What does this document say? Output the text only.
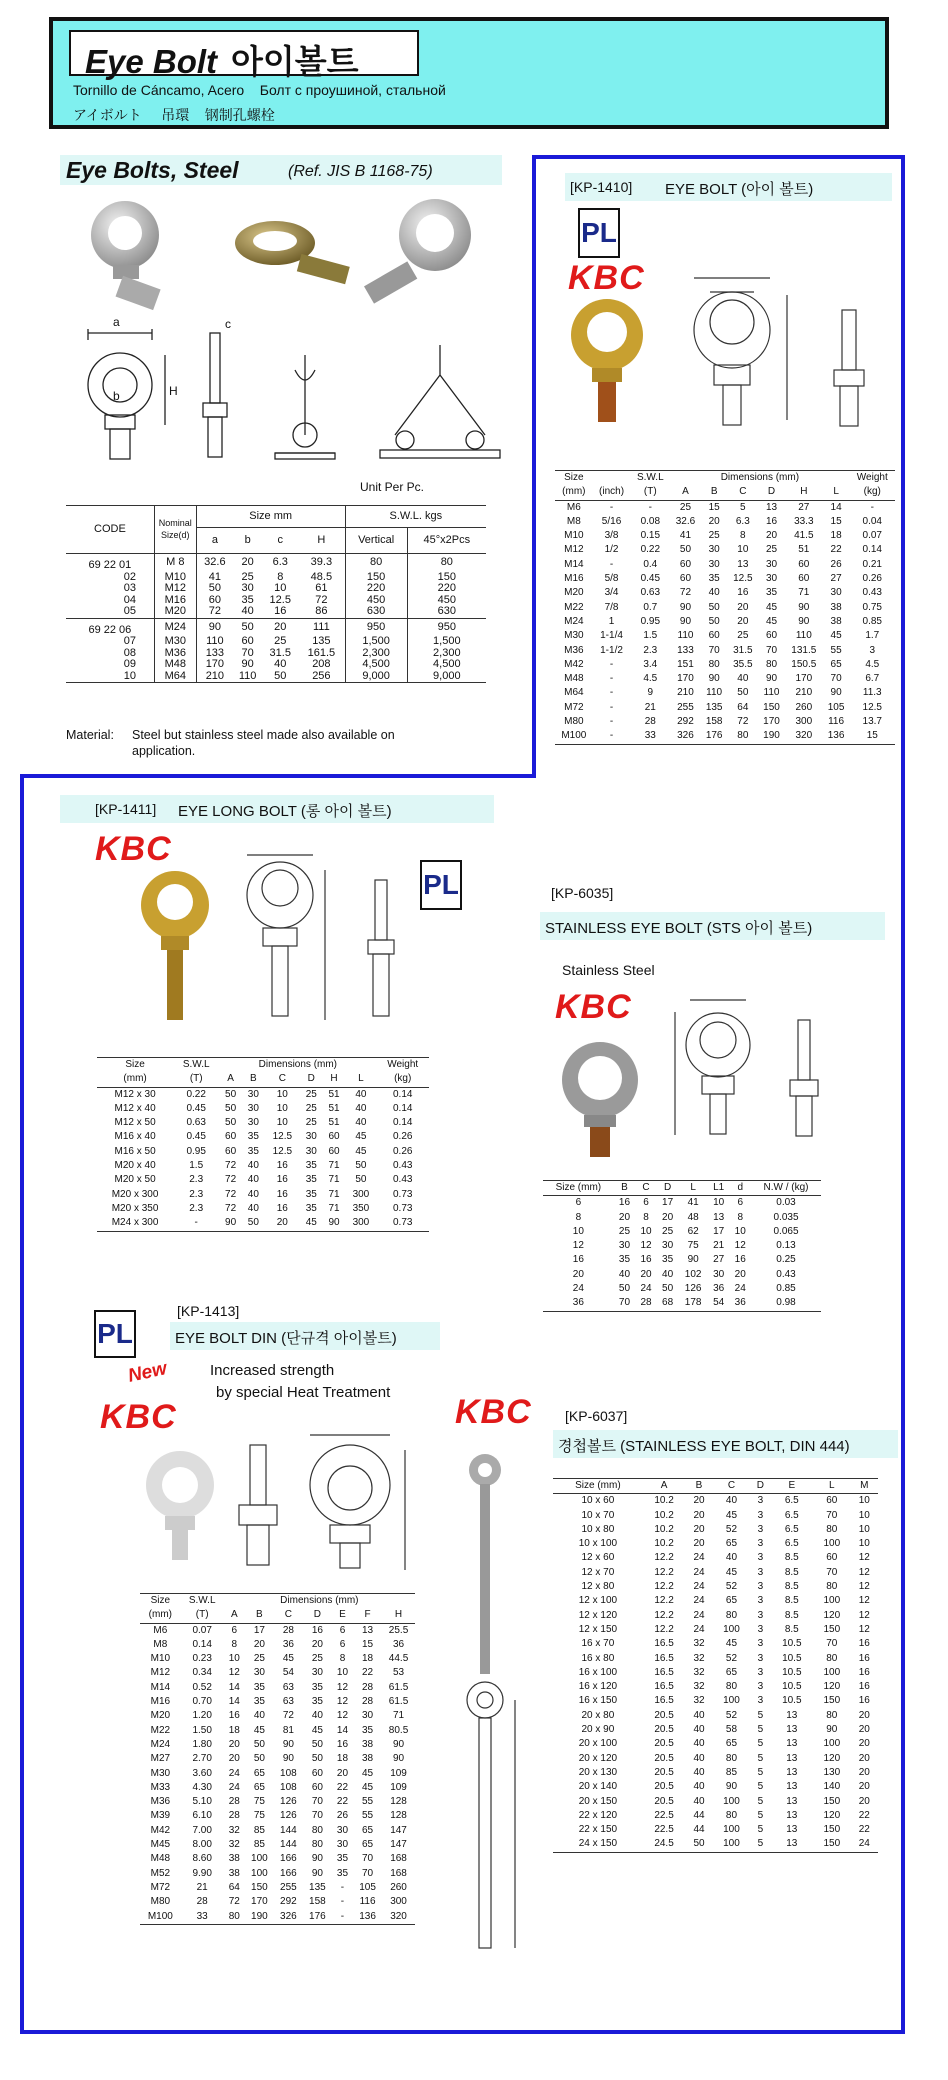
Eye Bolt 아이볼트
Tornillo de Cáncamo, Acero Болт с проушиной, стальной
アイボルト 吊環 钢制孔螺栓
Eye Bolts, Steel	(Ref. JIS B 1168-75)
a
b	H
c
Unit Per Pc.
CODE	Nominal Size(d)	Size mm				S.W.L. kgs	
		a	b	c	H	Vertical	45°x2Pcs
69 22 01	M 8	32.6	20	6.3	39.3	80	80
02	M10	41	25	8	48.5	150	150
03	M12	50	30	10	61	220	220
04	M16	60	35	12.5	72	450	450
05	M20	72	40	16	86	630	630
69 22 06	M24	90	50	20	111	950	950
07	M30	110	60	25	135	1,500	1,500
08	M36	133	70	31.5	161.5	2,300	2,300
09	M48	170	90	40	208	4,500	4,500
10	M64	210	110	50	256	9,000	9,000
Material: Steel but stainless steel made also available on
application.
[KP-1410] EYE BOLT (아이 볼트)
PL
KBC
Size		S.W.L	Dimensions (mm)						Weight
(mm)	(inch)	(T)	A	B	C	D	H	L	(kg)
M6	-	-	25	15	5	13	27	14	-
M8	5/16	0.08	32.6	20	6.3	16	33.3	15	0.04
M10	3/8	0.15	41	25	8	20	41.5	18	0.07
M12	1/2	0.22	50	30	10	25	51	22	0.14
M14	-	0.4	60	30	13	30	60	26	0.21
M16	5/8	0.45	60	35	12.5	30	60	27	0.26
M20	3/4	0.63	72	40	16	35	71	30	0.43
M22	7/8	0.7	90	50	20	45	90	38	0.75
M24	1	0.95	90	50	20	45	90	38	0.85
M30	1-1/4	1.5	110	60	25	60	110	45	1.7
M36	1-1/2	2.3	133	70	31.5	70	131.5	55	3
M42	-	3.4	151	80	35.5	80	150.5	65	4.5
M48	-	4.5	170	90	40	90	170	70	6.7
M64	-	9	210	110	50	110	210	90	11.3
M72	-	21	255	135	64	150	260	105	12.5
M80	-	28	292	158	72	170	300	116	13.7
M100	-	33	326	176	80	190	320	136	15
[KP-1411] EYE LONG BOLT (롱 아이 볼트)
KBC
PL
Size	S.W.L	Dimensions (mm)						Weight
(mm)	(T)	A	B	C	D	H	L	(kg)
M12 x 30	0.22	50	30	10	25	51	40	0.14
M12 x 40	0.45	50	30	10	25	51	40	0.14
M12 x 50	0.63	50	30	10	25	51	40	0.14
M16 x 40	0.45	60	35	12.5	30	60	45	0.26
M16 x 50	0.95	60	35	12.5	30	60	45	0.26
M20 x 40	1.5	72	40	16	35	71	50	0.43
M20 x 50	2.3	72	40	16	35	71	50	0.43
M20 x 300	2.3	72	40	16	35	71	300	0.73
M20 x 350	2.3	72	40	16	35	71	350	0.73
M24 x 300	-	90	50	20	45	90	300	0.73
[KP-6035]
STAINLESS EYE BOLT (STS 아이 볼트)
Stainless Steel
KBC
Size (mm)	B	C	D	L	L1	d	N.W / (kg)
6	16	6	17	41	10	6	0.03
8	20	8	20	48	13	8	0.035
10	25	10	25	62	17	10	0.065
12	30	12	30	75	21	12	0.13
16	35	16	35	90	27	16	0.25
20	40	20	40	102	30	20	0.43
24	50	24	50	126	36	24	0.85
36	70	28	68	178	54	36	0.98
PL
[KP-1413]
EYE BOLT DIN (단규격 아이볼트)
New
KBC
Increased strength
by special Heat Treatment
Size	S.W.L	Dimensions (mm)						
(mm)	(T)	A	B	C	D	E	F	H
M6	0.07	6	17	28	16	6	13	25.5
M8	0.14	8	20	36	20	6	15	36
M10	0.23	10	25	45	25	8	18	44.5
M12	0.34	12	30	54	30	10	22	53
M14	0.52	14	35	63	35	12	28	61.5
M16	0.70	14	35	63	35	12	28	61.5
M20	1.20	16	40	72	40	12	30	71
M22	1.50	18	45	81	45	14	35	80.5
M24	1.80	20	50	90	50	16	38	90
M27	2.70	20	50	90	50	18	38	90
M30	3.60	24	65	108	60	20	45	109
M33	4.30	24	65	108	60	22	45	109
M36	5.10	28	75	126	70	22	55	128
M39	6.10	28	75	126	70	26	55	128
M42	7.00	32	85	144	80	30	65	147
M45	8.00	32	85	144	80	30	65	147
M48	8.60	38	100	166	90	35	70	168
M52	9.90	38	100	166	90	35	70	168
M72	21	64	150	255	135	-	105	260
M80	28	72	170	292	158	-	116	300
M100	33	80	190	326	176	-	136	320
KBC [KP-6037]
경첩볼트 (STAINLESS EYE BOLT, DIN 444)
Size (mm)	A	B	C	D	E	L	M
10 x 60	10.2	20	40	3	6.5	60	10
10 x 70	10.2	20	45	3	6.5	70	10
10 x 80	10.2	20	52	3	6.5	80	10
10 x 100	10.2	20	65	3	6.5	100	10
12 x 60	12.2	24	40	3	8.5	60	12
12 x 70	12.2	24	45	3	8.5	70	12
12 x 80	12.2	24	52	3	8.5	80	12
12 x 100	12.2	24	65	3	8.5	100	12
12 x 120	12.2	24	80	3	8.5	120	12
12 x 150	12.2	24	100	3	8.5	150	12
16 x 70	16.5	32	45	3	10.5	70	16
16 x 80	16.5	32	52	3	10.5	80	16
16 x 100	16.5	32	65	3	10.5	100	16
16 x 120	16.5	32	80	3	10.5	120	16
16 x 150	16.5	32	100	3	10.5	150	16
20 x 80	20.5	40	52	5	13	80	20
20 x 90	20.5	40	58	5	13	90	20
20 x 100	20.5	40	65	5	13	100	20
20 x 120	20.5	40	80	5	13	120	20
20 x 130	20.5	40	85	5	13	130	20
20 x 140	20.5	40	90	5	13	140	20
20 x 150	20.5	40	100	5	13	150	20
22 x 120	22.5	44	80	5	13	120	22
22 x 150	22.5	44	100	5	13	150	22
24 x 150	24.5	50	100	5	13	150	24
